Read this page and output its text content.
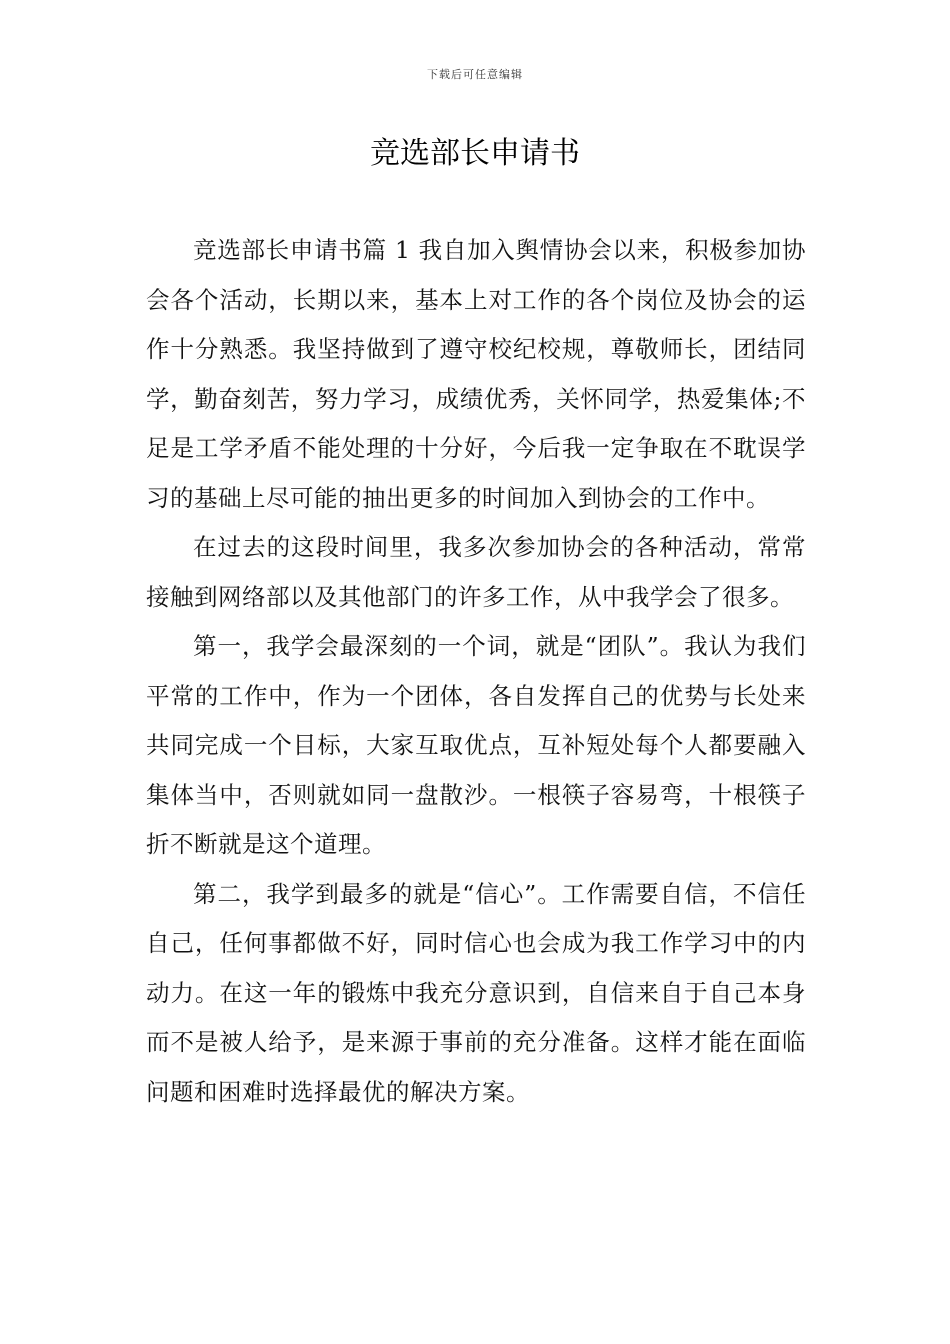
下载后可任意编辑
竞选部长申请书

竞选部长申请书篇 1 我自加入舆情协会以来，积极参加协会各个活动，长期以来，基本上对工作的各个岗位及协会的运作十分熟悉。我坚持做到了遵守校纪校规，尊敬师长，团结同学，勤奋刻苦，努力学习，成绩优秀，关怀同学，热爱集体;不足是工学矛盾不能处理的十分好，今后我一定争取在不耽误学习的基础上尽可能的抽出更多的时间加入到协会的工作中。

在过去的这段时间里，我多次参加协会的各种活动，常常接触到网络部以及其他部门的许多工作，从中我学会了很多。

第一，我学会最深刻的一个词，就是“团队”。我认为我们平常的工作中，作为一个团体，各自发挥自己的优势与长处来共同完成一个目标，大家互取优点，互补短处每个人都要融入集体当中，否则就如同一盘散沙。一根筷子容易弯，十根筷子折不断就是这个道理。

第二，我学到最多的就是“信心”。工作需要自信，不信任自己，任何事都做不好，同时信心也会成为我工作学习中的内动力。在这一年的锻炼中我充分意识到，自信来自于自己本身而不是被人给予，是来源于事前的充分准备。这样才能在面临问题和困难时选择最优的解决方案。
